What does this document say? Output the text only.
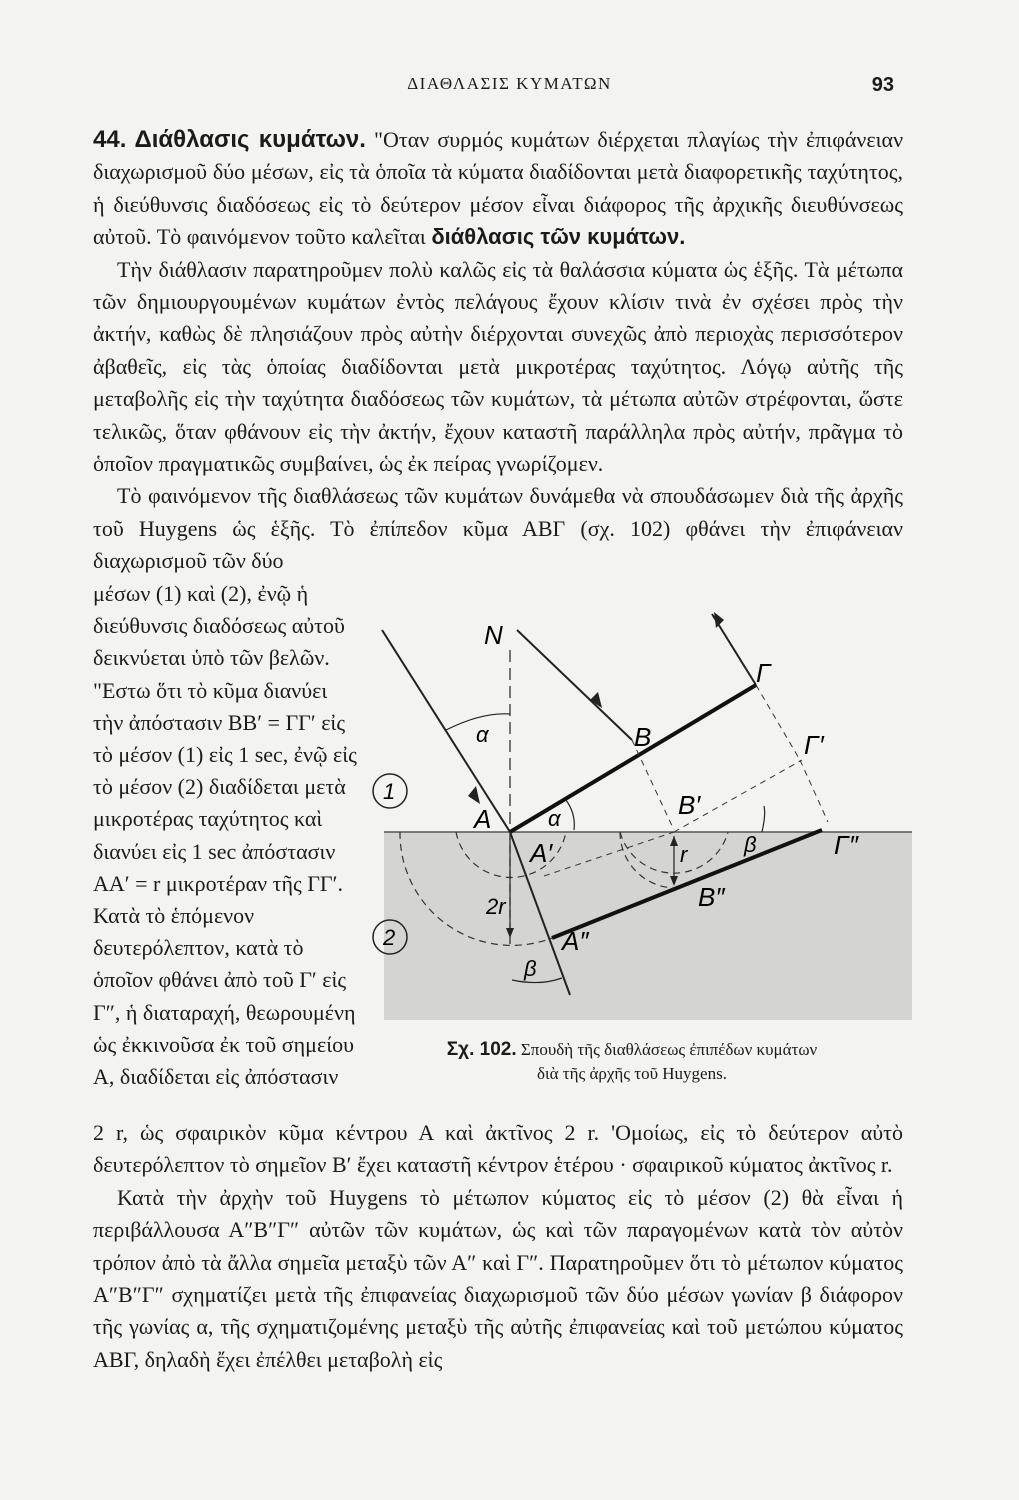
ΔΙΑΘΛΑΣΙΣ ΚΥΜΑΤΩΝ	93

44. Διάθλασις κυμάτων. "Οταν συρμός κυμάτων διέρχεται πλαγίως τὴν ἐπιφάνειαν διαχωρισμοῦ δύο μέσων, εἰς τὰ ὁποῖα τὰ κύματα διαδίδονται μετὰ διαφορετικῆς ταχύτητος, ἡ διεύθυνσις διαδόσεως εἰς τὸ δεύτερον μέσον εἶναι διάφορος τῆς ἀρχικῆς διευθύνσεως αὐτοῦ. Τὸ φαινόμενον τοῦτο καλεῖται διάθλασις τῶν κυμάτων.

Τὴν διάθλασιν παρατηροῦμεν πολὺ καλῶς εἰς τὰ θαλάσσια κύματα ὡς ἑξῆς. Τὰ μέτωπα τῶν δημιουργουμένων κυμάτων ἐντὸς πελάγους ἔχουν κλίσιν τινὰ ἐν σχέσει πρὸς τὴν ἀκτήν, καθὼς δὲ πλησιάζουν πρὸς αὐτὴν διέρχονται συνεχῶς ἀπὸ περιοχὰς περισσότερον ἀβαθεῖς, εἰς τὰς ὁποίας διαδίδονται μετὰ μικροτέρας ταχύτητος. Λόγῳ αὐτῆς τῆς μεταβολῆς εἰς τὴν ταχύτητα διαδόσεως τῶν κυμάτων, τὰ μέτωπα αὐτῶν στρέφονται, ὥστε τελικῶς, ὅταν φθάνουν εἰς τὴν ἀκτήν, ἔχουν καταστῆ παράλληλα πρὸς αὐτήν, πρᾶγμα τὸ ὁποῖον πραγματικῶς συμβαίνει, ὡς ἐκ πείρας γνωρίζομεν.

Τὸ φαινόμενον τῆς διαθλάσεως τῶν κυμάτων δυνάμεθα νὰ σπουδάσωμεν διὰ τῆς ἀρχῆς τοῦ Huygens ὡς ἑξῆς. Τὸ ἐπίπεδον κῦμα ΑΒΓ (σχ. 102) φθάνει τὴν ἐπιφάνειαν διαχωρισμοῦ τῶν δύο

μέσων (1) καὶ (2), ἐνῷ ἡ διεύθυνσις διαδόσεως αὐτοῦ δεικνύεται ὑπὸ τῶν βελῶν. "Εστω ὅτι τὸ κῦμα διανύει τὴν ἀπόστασιν ΒΒ′ = ΓΓ′ εἰς τὸ μέσον (1) εἰς 1 sec, ἐνῷ εἰς τὸ μέσον (2) διαδίδεται μετὰ μικροτέρας ταχύτητος καὶ διανύει εἰς 1 sec ἀπόστασιν ΑΑ′ = r μικροτέραν τῆς ΓΓ′. Κατὰ τὸ ἑπόμενον δευτερόλεπτον, κατὰ τὸ ὁποῖον φθάνει ἀπὸ τοῦ Γ′ εἰς Γ″, ἡ διαταραχή, θεωρουμένη ὡς ἐκκινοῦσα ἐκ τοῦ σημείου Α, διαδίδεται εἰς ἀπόστασιν

N
Γ
Γ′
Γ″
B
B′
B″
A
A′
A″
α
α
β
β
r
2r
1
2
Σχ. 102. Σπουδὴ τῆς διαθλάσεως ἐπιπέδων κυμάτων
διὰ τῆς ἀρχῆς τοῦ Huygens.

2 r, ὡς σφαιρικὸν κῦμα κέντρου Α καὶ ἀκτῖνος 2 r. 'Ομοίως, εἰς τὸ δεύτερον αὐτὸ δευτερόλεπτον τὸ σημεῖον Β′ ἔχει καταστῆ κέντρον ἑτέρου · σφαιρικοῦ κύματος ἀκτῖνος r.

Κατὰ τὴν ἀρχὴν τοῦ Huygens τὸ μέτωπον κύματος εἰς τὸ μέσον (2) θὰ εἶναι ἡ περιβάλλουσα Α″Β″Γ″ αὐτῶν τῶν κυμάτων, ὡς καὶ τῶν παραγομένων κατὰ τὸν αὐτὸν τρόπον ἀπὸ τὰ ἄλλα σημεῖα μεταξὺ τῶν Α″ καὶ Γ″. Παρατηροῦμεν ὅτι τὸ μέτωπον κύματος Α″Β″Γ″ σχηματίζει μετὰ τῆς ἐπιφανείας διαχωρισμοῦ τῶν δύο μέσων γωνίαν β διάφορον τῆς γωνίας α, τῆς σχηματιζομένης μεταξὺ τῆς αὐτῆς ἐπιφανείας καὶ τοῦ μετώπου κύματος ΑΒΓ, δηλαδὴ ἔχει ἐπέλθει μεταβολὴ εἰς
